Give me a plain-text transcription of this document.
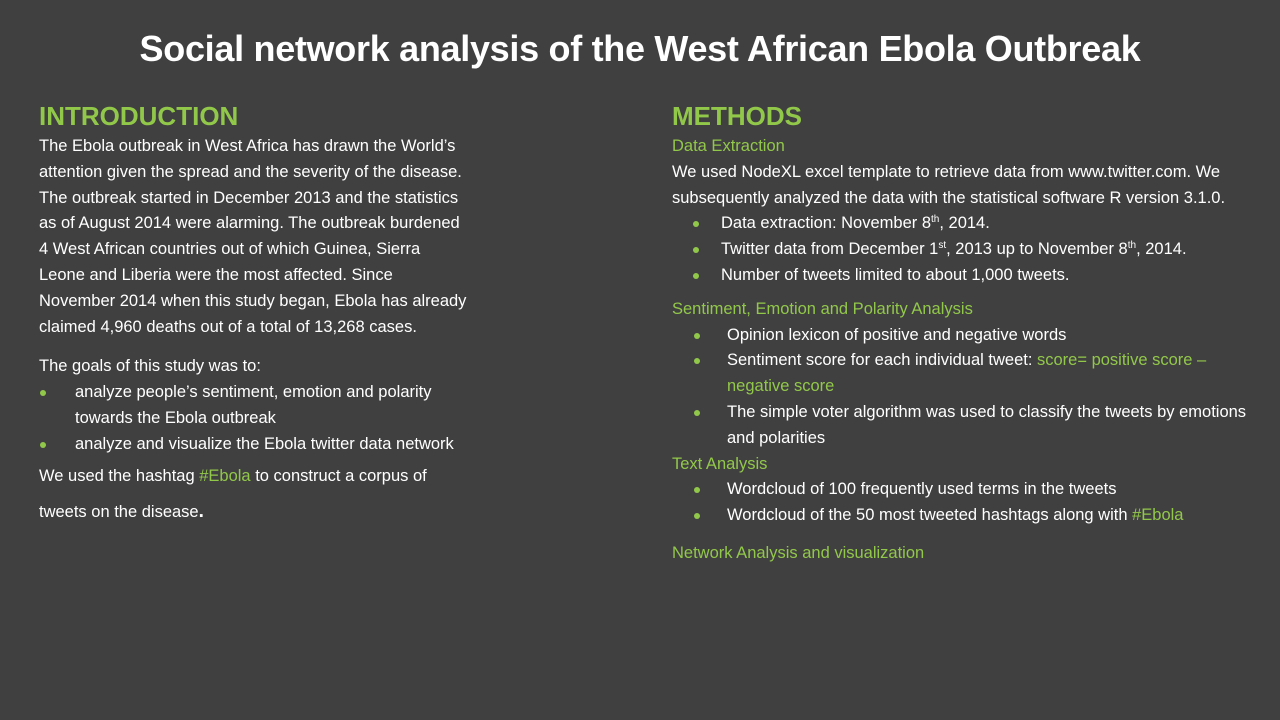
Social network analysis of the West African Ebola Outbreak
INTRODUCTION

The Ebola outbreak in West Africa has drawn the World’s attention given the spread and the severity of the disease. The outbreak started in December 2013 and the statistics as of August 2014 were alarming. The outbreak burdened 4 West African countries out of which Guinea, Sierra Leone and Liberia were the most affected. Since November 2014 when this study began, Ebola has already claimed 4,960 deaths out of a total of 13,268 cases.

The goals of this study was to:

analyze people’s sentiment, emotion and polarity towards the Ebola outbreak
analyze and visualize the Ebola twitter data network

We used the hashtag #Ebola to construct a corpus of tweets on the disease.

METHODS

Data Extraction

We used NodeXL excel template to retrieve data from www.twitter.com. We subsequently analyzed the data with the statistical software R version 3.1.0.

Data extraction: November 8th, 2014.
Twitter data from December 1st, 2013 up to November 8th, 2014.
Number of tweets limited to about 1,000 tweets.

Sentiment, Emotion and Polarity Analysis

Opinion lexicon of positive and negative words
Sentiment score for each individual tweet: score= positive score – negative score
The simple voter algorithm was used to classify the tweets by emotions and polarities

Text Analysis

Wordcloud of 100 frequently used terms in the tweets
Wordcloud of the 50 most tweeted hashtags along with #Ebola

Network Analysis and visualization
